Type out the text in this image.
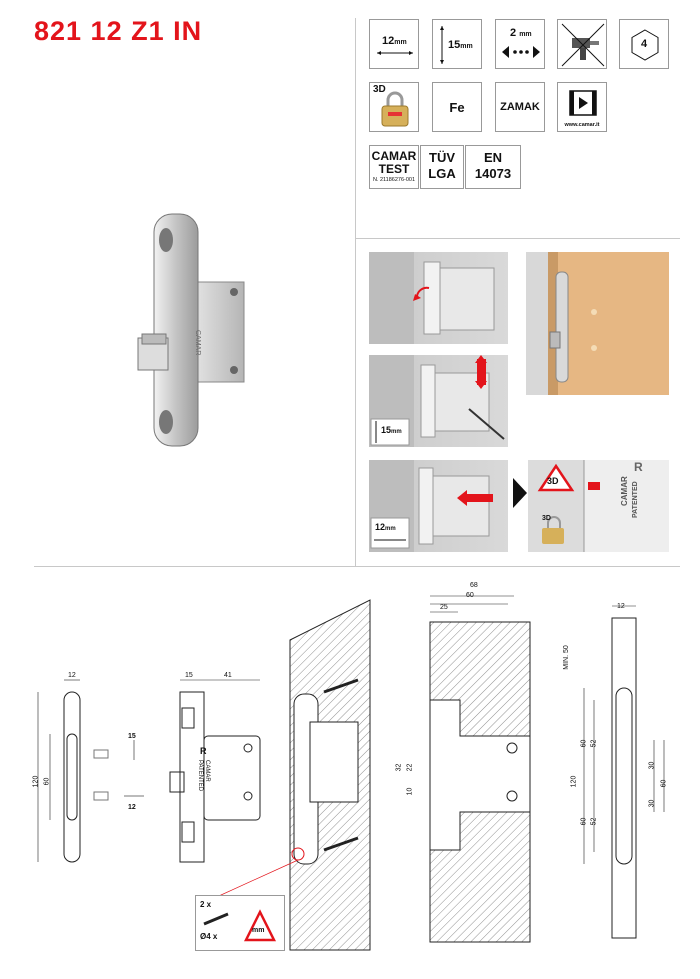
821 12 Z1 IN	12mm	15mm
2 mm
4
3D
Fe	ZAMAK
www.camar.it
CAMAR
TEST
N. 21186276-001
TÜV
LGA
EN
14073
CAMAR
15mm
12mm
3D
3D
R
CAMAR PATENTED
12
120 60
15
12
15	41
R
CAMAR
PATENTED
2 x
Ø4 x
mm
68
60
25
32 22
10
12
MIN. 50
120
60
60
52
52
30
30
60
